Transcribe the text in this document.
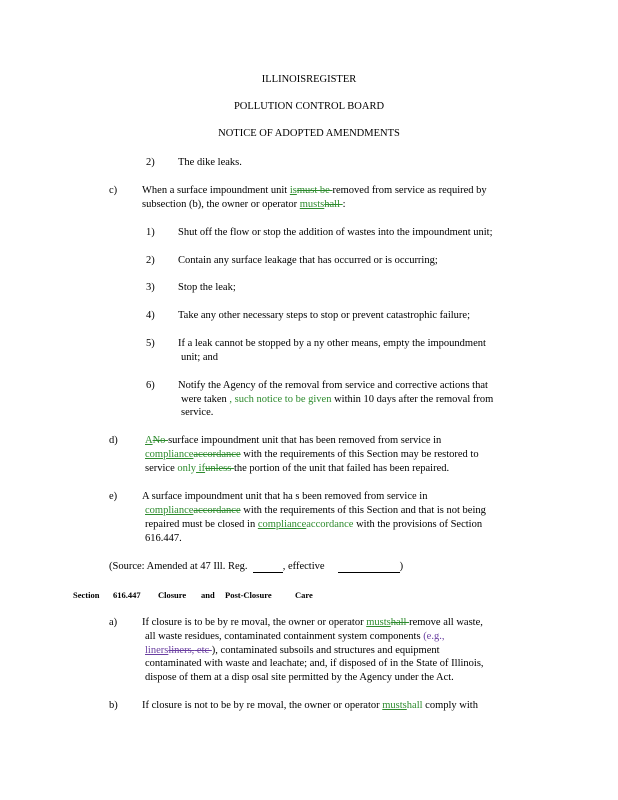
ILLINOISREGISTER
POLLUTION CONTROL BOARD
NOTICE OF ADOPTED AMENDMENTS
2) The dike leaks.
c) When a surface impoundment unit ismust be removed from service as required by
subsection (b), the owner or operator mustshall :
1) Shut off the flow or stop the addition of wastes into the impoundment unit;
2) Contain any surface leakage that has occurred or is occurring;
3) Stop the leak;
4) Take any other necessary steps to stop or prevent catastrophic failure;
5) If a leak cannot be stopped by a ny other means, empty the impoundment
unit; and
6) Notify the Agency of the removal from service and corrective actions that
were taken , such notice to be given within 10 days after the removal from
service.
d)	ANo surface impoundment unit that has been removed from service in
complianceaccordance with the requirements of this Section may be restored to
service only ifunless the portion of the unit that failed has been repaired.
e) A surface impoundment unit that ha s been removed from service in
complianceaccordance with the requirements of this Section and that is not being
repaired must be closed in complianceaccordance with the provisions of Section
616.447.
(Source: Amended at 47 Ill. Reg.	, effective	)
Section 616.447 Closure and Post-Closure	Care
a) If closure is to be by re moval, the owner or operator mustshall remove all waste,
all waste residues, contaminated containment system components (e.g.,
linersliners, etc ), contaminated subsoils and structures and equipment
contaminated with waste and leachate; and, if disposed of in the State of Illinois,
dispose of them at a disp osal site permitted by the Agency under the Act.
b) If closure is not to be by re moval, the owner or operator mustshall comply with
